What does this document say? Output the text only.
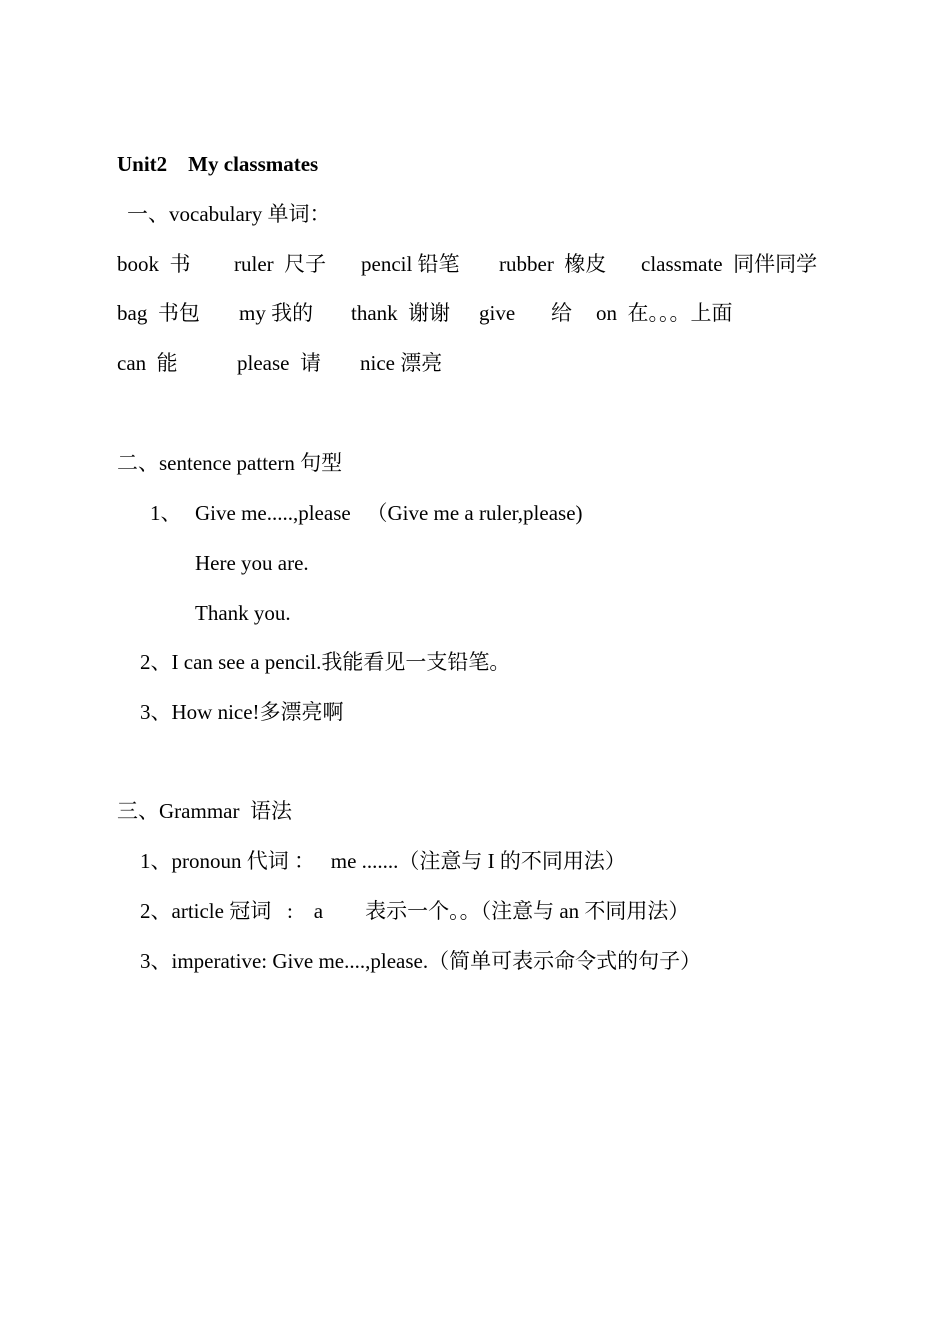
Unit2    My classmates
一、vocabulary 单词：
book  书 ruler  尺子 pencil 铅笔 rubber  橡皮 classmate  同伴同学
bag  书包 my 我的 thank  谢谢 give 给 on  在。。。上面
can  能	please  请 nice 漂亮
二、sentence pattern 句型
1、 Give me.....,please   （Give me a ruler,please)
Here you are.
Thank you.
2、I can see a pencil.我能看见一支铅笔。
3、How nice!多漂亮啊
三、Grammar  语法
1、pronoun 代词 ：   me .......（注意与 I 的不同用法）
2、article 冠词   :    a        表示一个。。（注意与 an 不同用法）
3、imperative: Give me....,please.（简单可表示命令式的句子）
